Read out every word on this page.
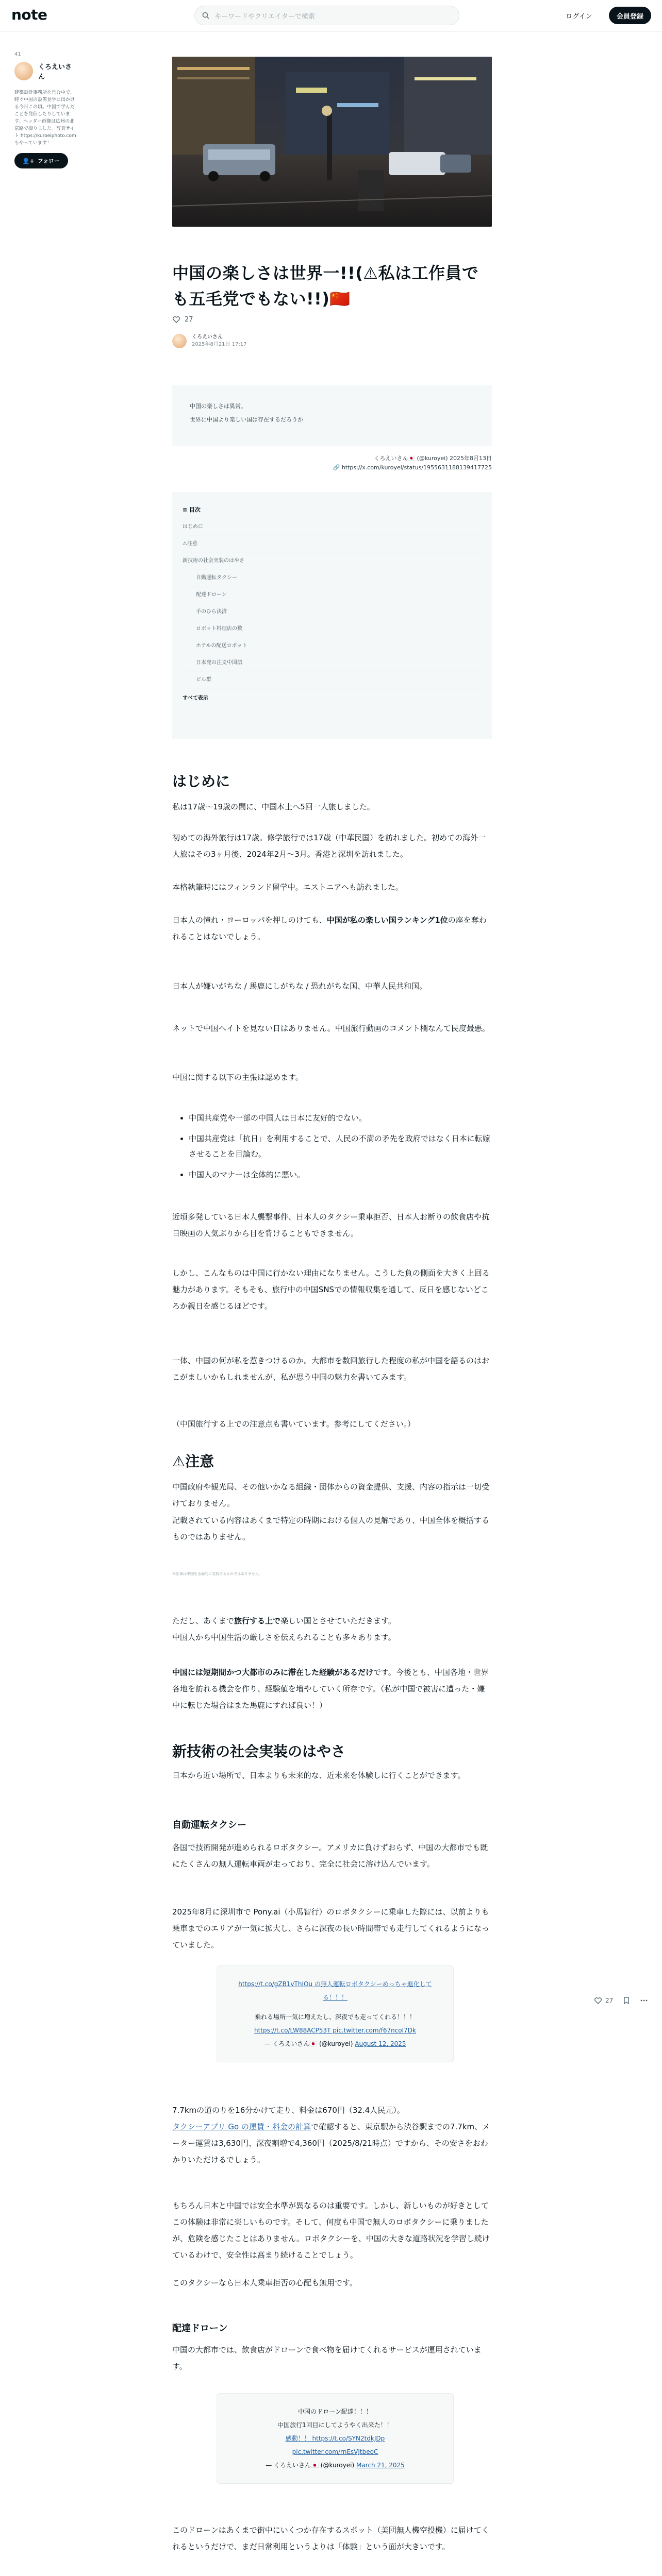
note	キーワードやクリエイターで検索	ログイン	会員登録
41
くろえいさん
建築設計事務所を営む中で、時々中国の設備見学に出かける今日この頃。中国で学んだことを発信したりしています。ヘッダー画像は広州の北京路で撮りました。写真サイト https://kuroeiphoto.com もやっています！
👤+ フォロー
中国の楽しさは世界一!!(⚠私は工作員でも五毛党でもない!!)🇨🇳
27
くろえいさん
2025年8月21日 17:17
中国の楽しさは異常。
世界に中国より楽しい国は存在するだろうか
くろえいさん🇯🇵 (@kuroyei) 2025年8月13日
🔗 https://x.com/kuroyei/status/1955631188139417725
≡ 目次
はじめに
⚠注意
新技術の社会実装のはやさ
自動運転タクシー
配達ドローン
手のひら決済
ロボット料理店の数
ホテルの配送ロボット
日本発の注文中国語
ビル群
すべて表示
はじめに
私は17歳〜19歳の間に、中国本土へ5回一人旅しました。
初めての海外旅行は17歳。修学旅行では17歳（中華民国）を訪れました。初めての海外一人旅はその3ヶ月後、2024年2月〜3月。香港と深圳を訪れました。
本格執筆時にはフィンランド留学中。エストニアへも訪れました。
日本人の憧れ・ヨーロッパを押しのけても、中国が私の楽しい国ランキング1位の座を奪われることはないでしょう。
日本人が嫌いがちな / 馬鹿にしがちな / 恐れがちな国、中華人民共和国。
ネットで中国ヘイトを見ない日はありません。中国旅行動画のコメント欄なんて民度最悪。
中国に関する以下の主張は認めます。
• 中国共産党や一部の中国人は日本に友好的でない。
• 中国共産党は「抗日」を利用することで、人民の不満の矛先を政府ではなく日本に転嫁させることを目論む。
• 中国人のマナーは全体的に悪い。
近頃多発している日本人襲撃事件、日本人のタクシー乗車拒否、日本人お断りの飲食店や抗日映画の人気ぶりから目を背けることもできません。
しかし、こんなものは中国に行かない理由になりません。こうした負の側面を大きく上回る魅力があります。そもそも、旅行中の中国SNSでの情報収集を通して、反日を感じないどころか親日を感じるほどです。
一体、中国の何が私を惹きつけるのか。大都市を数回旅行した程度の私が中国を語るのはおこがましいかもしれませんが、私が思う中国の魅力を書いてみます。
（中国旅行する上での注意点も書いています。参考にしてください。）
⚠注意
中国政府や観光局、その他いかなる組織・団体からの資金提供、支援、内容の指示は一切受けておりません。
記載されている内容はあくまで特定の時期における個人の見解であり、中国全体を概括するものではありません。
本記事は中国を全面的に支持するものではありません。
ただし、あくまで旅行する上で楽しい国とさせていただきます。
中国人から中国生活の厳しさを伝えられることも多々あります。
中国には短期間かつ大都市のみに滞在した経験があるだけです。今後とも、中国各地・世界各地を訪れる機会を作り、経験値を増やしていく所存です。（私が中国で被害に遭った・嫌中に転じた場合はまた馬鹿にすれば良い！）
新技術の社会実装のはやさ
日本から近い場所で、日本よりも未来的な、近未来を体験しに行くことができます。
自動運転タクシー
各国で技術開発が進められるロボタクシー。アメリカに負けずおらず、中国の大都市でも既にたくさんの無人運転車両が走っており、完全に社会に溶け込んでいます。
2025年8月に深圳市で Pony.ai（小馬智行）のロボタクシーに乗車した際には、以前よりも乗車までのエリアが一気に拡大し、さらに深夜の長い時間帯でも走行してくれるようになっていました。
https://t.co/gZB1vThIOu の無人運転ロボタクシーめっちゃ進化してる！！！
乗れる場所一気に増えたし、深夜でも走ってくれる！！！
https://t.co/LW88ACP53T pic.twitter.com/f67ncoI7Dk
— くろえいさん🇯🇵 (@kuroyei) August 12, 2025
7.7kmの道のりを16分かけて走り、料金は670円（32.4人民元）。
タクシーアプリ Go の運賃・料金の計算で確認すると、東京駅から渋谷駅までの7.7km、メーター運賃は3,630円、深夜割増で4,360円（2025/8/21時点）ですから、その安さをおわかりいただけるでしょう。
もちろん日本と中国では安全水準が異なるのは重要です。しかし、新しいものが好きとしてこの体験は非常に楽しいものです。そして、何度も中国で無人のロボタクシーに乗りましたが、危険を感じたことはありません。ロボタクシーを、中国の大きな道路状況を学習し続けているわけで、安全性は高まり続けることでしょう。
このタクシーなら日本人乗車拒否の心配も無用です。
配達ドローン
中国の大都市では、飲食店がドローンで食べ物を届けてくれるサービスが運用されています。
中国のドローン配達！！！
中国旅行1回目にしてようやく出来た！！
感動！！ https://t.co/SYN2tdkJDp
pic.twitter.com/rnEsVJtbeoC
— くろえいさん🇯🇵 (@kuroyei) March 21, 2025
このドローンはあくまで街中にいくつか存在するスポット（美団無人機空投機）に届けてくれるというだけで、まだ日常利用というよりは「体験」という面が大きいです。
27
